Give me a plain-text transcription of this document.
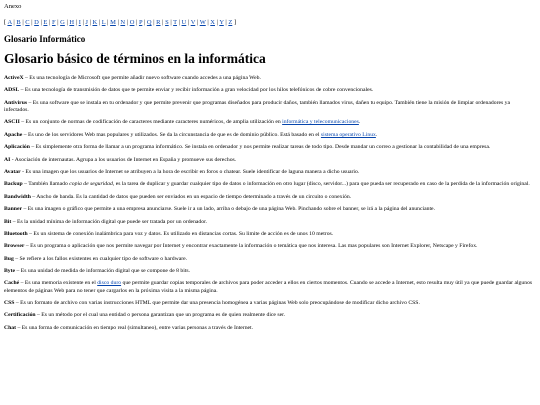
Anexo
[ A | B | C | D | E | F | G | H | I | J | K | L | M | N | O | P | Q | R | S | T | U | V | W | X | Y | Z ]
Glosario Informático
Glosario básico de términos en la informática

ActiveX – Es una tecnología de Microsoft que permite añadir nuevo software cuando accedes a una página Web.

ADSL – Es una tecnología de transmisión de datos que te permite enviar y recibir información a gran velocidad por los hilos telefónicos de cobre convencionales.

Antivirus – Es una software que se instala en tu ordenador y que permite prevenir que programas diseñados para producir daños, también llamados virus, dañen tu equipo. También tiene la misión de limpiar ordenadores ya infectados.

ASCII – Es un conjunto de normas de codificación de caracteres mediante caracteres numéricos, de amplia utilización en informática y telecomunicaciones.

Apache – Es uno de los servidores Web mas populares y utilizados. Se da la circunstancia de que es de dominio público. Está basado en el sistema operativo Linux.

Aplicación – Es simplemente otra forma de llamar a un programa informático. Se instala en ordenador y nos permite realizar tareas de todo tipo. Desde mandar un correo a gestionar la contabilidad de una empresa.

AI - Asociación de internautas. Agrupa a los usuarios de Internet en España y promueve sus derechos.

Avatar - Es una imagen que los usuarios de Internet se atribuyen a la hora de escribir en foros o chatear. Suele identificar de laguna manera a dicho usuario.

Backup – También llamado copia de seguridad, es la tarea de duplicar y guardar cualquier tipo de datos o información en otro lugar (disco, servidor...) para que pueda ser recuperado en caso de la perdida de la información original.

Bandwidth – Ancho de banda. Es la cantidad de datos que pueden ser enviados en un espacio de tiempo determinado a través de un circuito o conexión.

Banner – Es una imagen o gráfico que permite a una empresa anunciarse. Suele ir a un lado, arriba o debajo de una página Web. Pinchando sobre el banner, se irá a la página del anunciante.

Bit – Es la unidad mínima de información digital que puede ser tratada por un ordenador.

Bluetooth – Es un sistema de conexión inalámbrica para voz y datos. Es utilizado en distancias cortas. Su limite de acción es de unos 10 metros.

Browser – Es un programa o aplicación que nos permite navegar por Internet y encontrar exactamente la información o temática que nos interesa. Las mas populares son Internet Explorer, Netscape y Firefox.

Bug – Se refiere a los fallos existentes en cualquier tipo de software o hardware.

Byte – Es una unidad de medida de información digital que se compone de 8 bits.

Caché – Es una memoria existente en el disco duro que permite guardar copias temporales de archivos para poder acceder a ellos en ciertos momentos. Cuando se accede a Internet, esto resulta muy útil ya que puede guardar algunos elementos de páginas Web para no tener que cargarlos en la próxima visita a la misma página.

CSS – Es un formato de archivo con varias instrucciones HTML que permite dar una presencia homogénea a varias páginas Web solo preocupándose de modificar dicho archivo CSS.

Certificación – Es un método por el cual una entidad o persona garantizan que un programa es de quien realmente dice ser.

Chat – Es una forma de comunicación en tiempo real (simultaneo), entre varias personas a través de Internet.
